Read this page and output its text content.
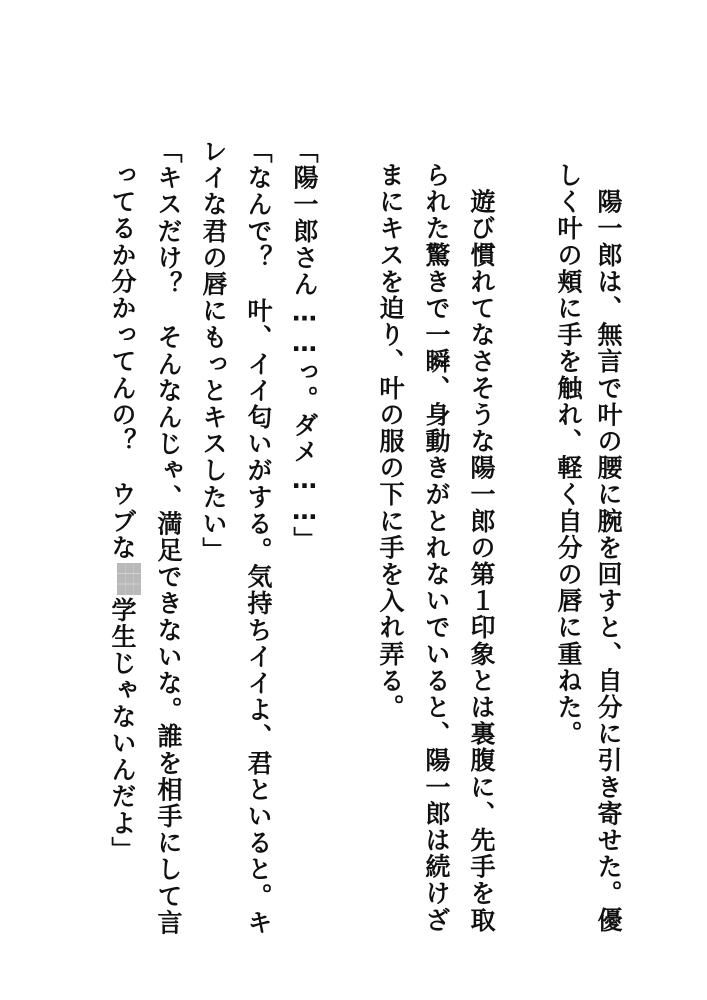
　陽一郎は、無言で叶の腰に腕を回すと、自分に引き寄せた。優
しく叶の頬に手を触れ、軽く自分の唇に重ねた。
　遊び慣れてなさそうな陽一郎の第１印象とは裏腹に、先手を取
られた驚きで一瞬、身動きがとれないでいると、陽一郎は続けざ
まにキスを迫り、叶の服の下に手を入れ弄る。
「陽一郎さん……っ。ダメ……」
「なんで？　叶、イイ匂いがする。気持ちイイよ、君といると。キ
レイな君の唇にもっとキスしたい」
「キスだけ？　そんなんじゃ、満足できないな。誰を相手にして言
ってるか分かってんの？　ウブな学生じゃないんだよ」
